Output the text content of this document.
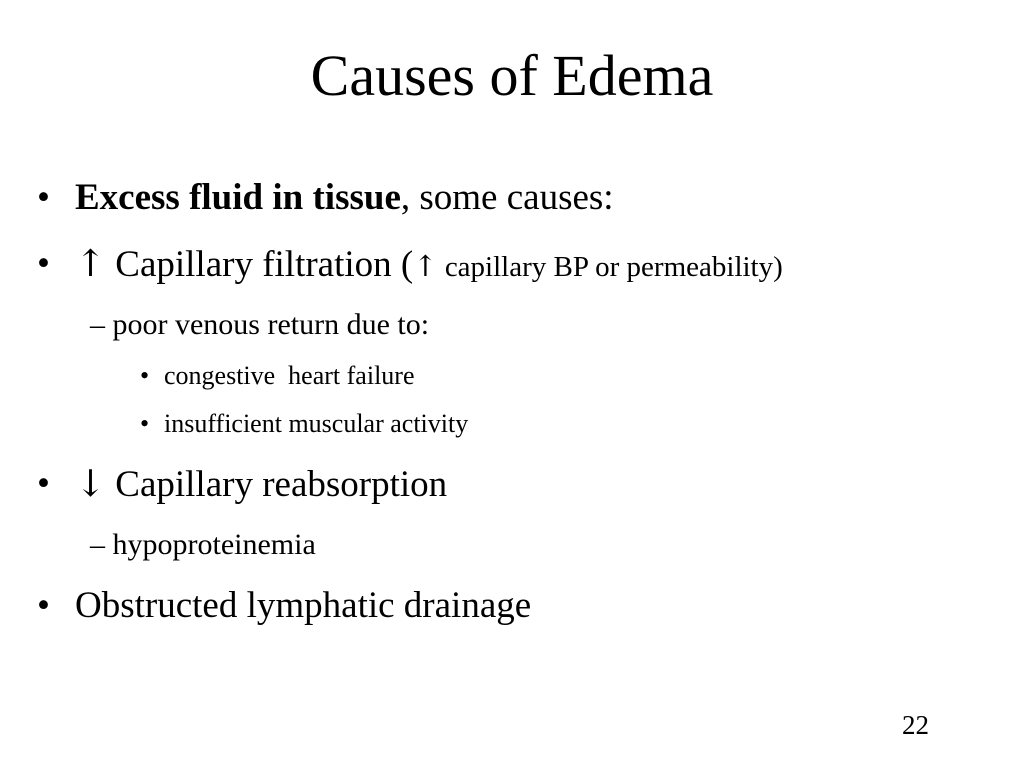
Causes of Edema
• Excess fluid in tissue, some causes:
• ↑ Capillary filtration (↑ capillary BP or permeability)
– poor venous return due to:
• congestive  heart failure
• insufficient muscular activity
• ↓ Capillary reabsorption
– hypoproteinemia
• Obstructed lymphatic drainage
22
